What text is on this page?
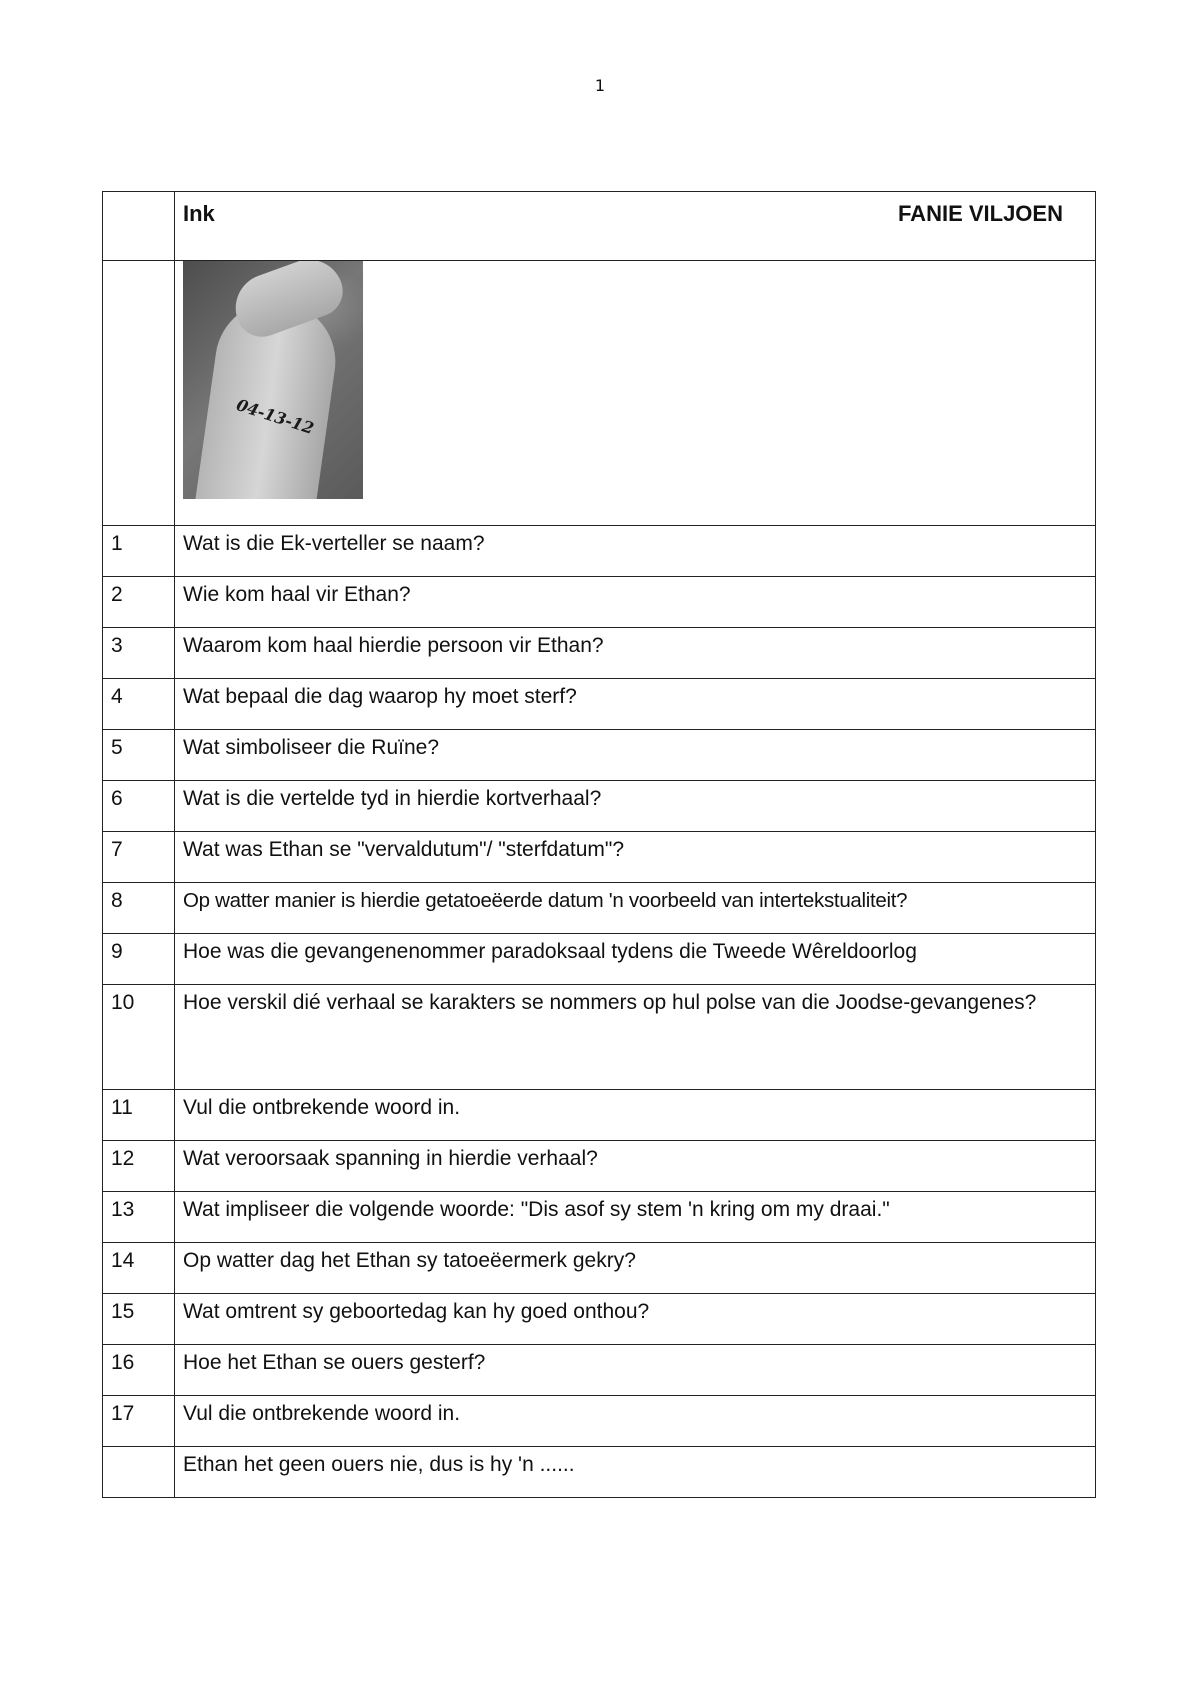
1

	Ink FANIE VILJOEN

	04-13-12

1	Wat is die Ek-verteller se naam?
2	Wie kom haal vir Ethan?
3	Waarom kom haal hierdie persoon vir Ethan?
4	Wat bepaal die dag waarop hy moet sterf?
5	Wat simboliseer die Ruïne?
6	Wat is die vertelde tyd in hierdie kortverhaal?
7	Wat was Ethan se "vervaldutum"/ "sterfdatum"?
8	Op watter manier is hierdie getatoeëerde datum 'n voorbeeld van intertekstualiteit?
9	Hoe was die gevangenenommer paradoksaal tydens die Tweede Wêreldoorlog
10	Hoe verskil dié verhaal se karakters se nommers op hul polse van die Joodse-gevangenes?

11	Vul die ontbrekende woord in.
12	Wat veroorsaak spanning in hierdie verhaal?
13	Wat impliseer die volgende woorde: "Dis asof sy stem 'n kring om my draai."
14	Op watter dag het Ethan sy tatoeëermerk gekry?
15	Wat omtrent sy geboortedag kan hy goed onthou?
16	Hoe het Ethan se ouers gesterf?
17	Vul die ontbrekende woord in.
	Ethan het geen ouers nie, dus is hy 'n ......
